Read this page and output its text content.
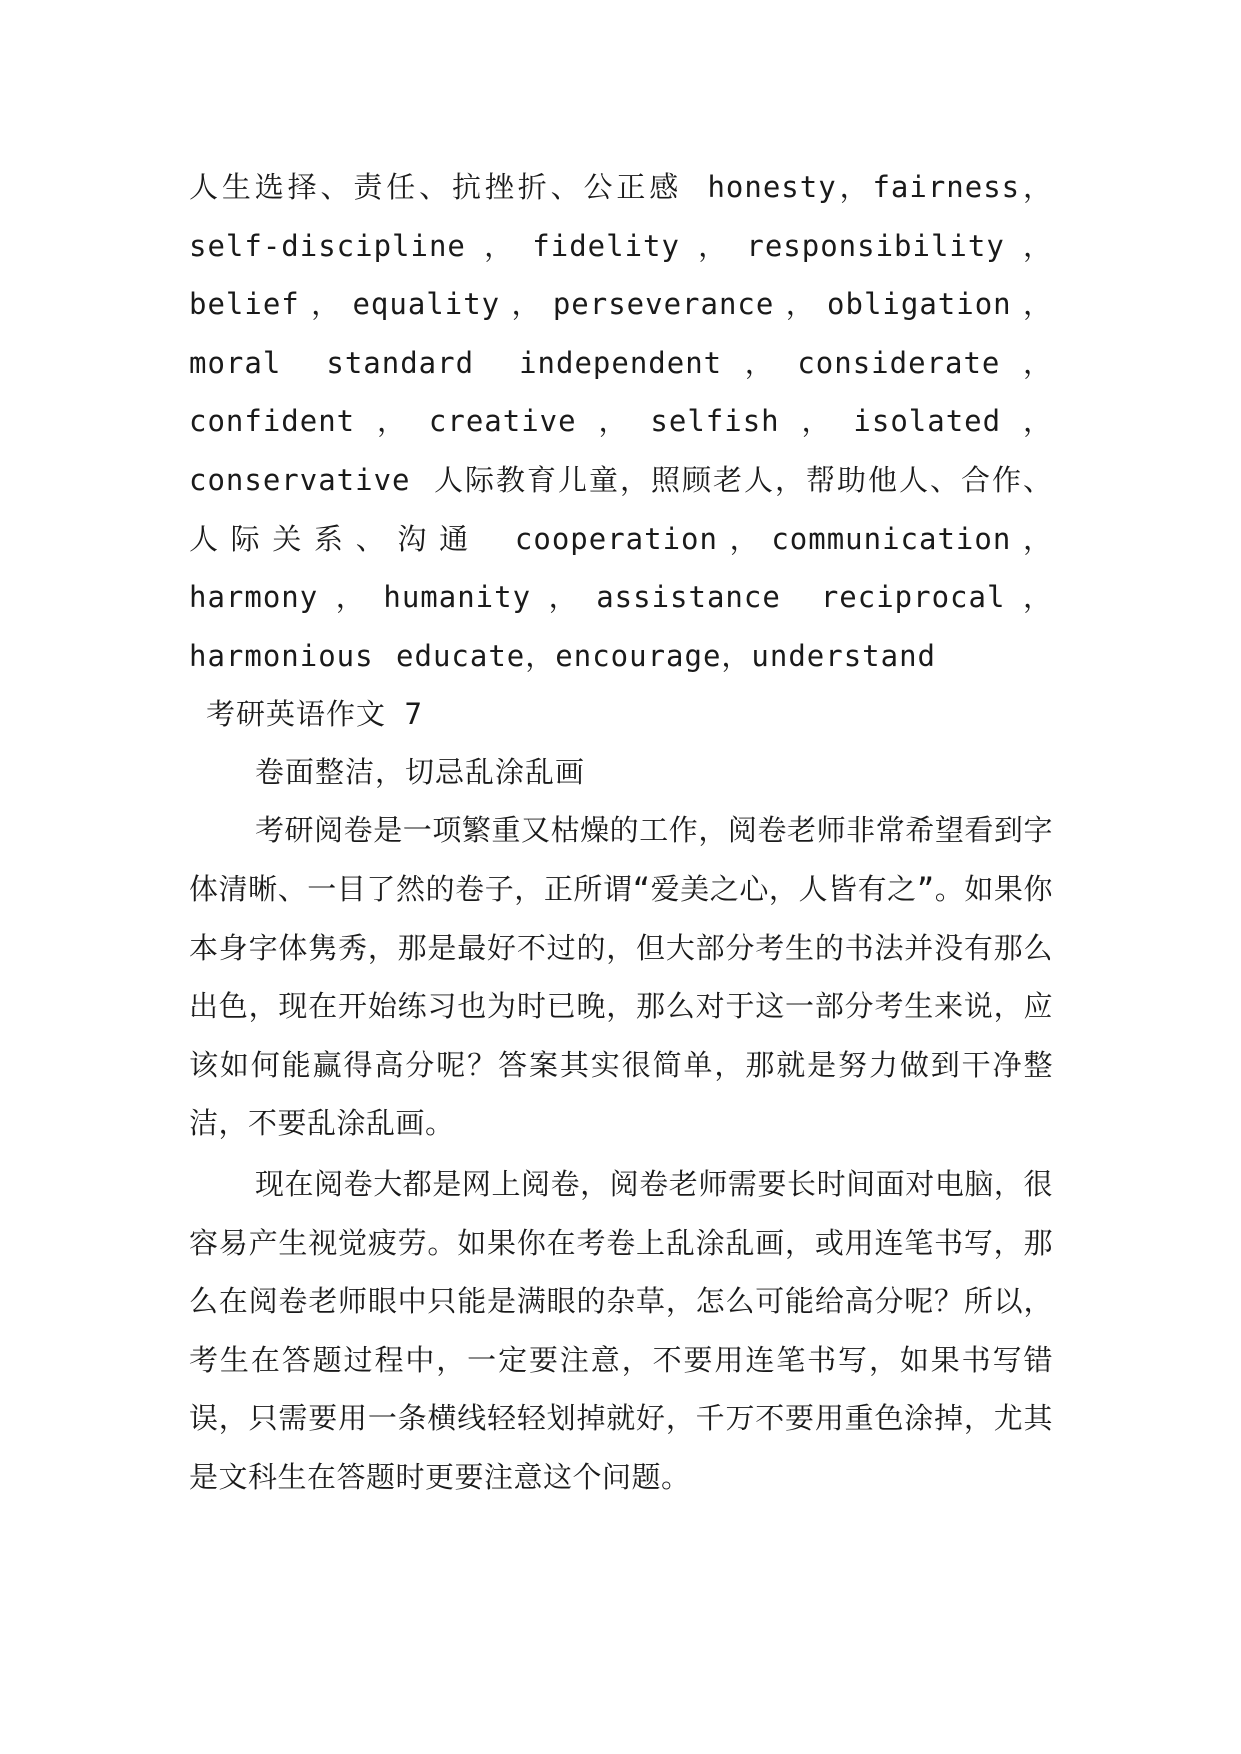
人生选择、责任、抗挫折、公正感 honesty，fairness，self-discipline，fidelity，responsibility，belief，equality，perseverance，obligation，moral standard independent，considerate，confident，creative，selfish，isolated，conservative 人际教育儿童，照顾老人，帮助他人、合作、人际关系、沟通 cooperation，communication，harmony，humanity，assistance reciprocal，harmonious educate，encourage，understand

考研英语作文 7

卷面整洁，切忌乱涂乱画

考研阅卷是一项繁重又枯燥的工作，阅卷老师非常希望看到字体清晰、一目了然的卷子，正所谓“爱美之心，人皆有之”。如果你本身字体隽秀，那是最好不过的，但大部分考生的书法并没有那么出色，现在开始练习也为时已晚，那么对于这一部分考生来说，应该如何能赢得高分呢？答案其实很简单，那就是努力做到干净整洁，不要乱涂乱画。

现在阅卷大都是网上阅卷，阅卷老师需要长时间面对电脑，很容易产生视觉疲劳。如果你在考卷上乱涂乱画，或用连笔书写，那么在阅卷老师眼中只能是满眼的杂草，怎么可能给高分呢？所以，考生在答题过程中，一定要注意，不要用连笔书写，如果书写错误，只需要用一条横线轻轻划掉就好，千万不要用重色涂掉，尤其是文科生在答题时更要注意这个问题。
